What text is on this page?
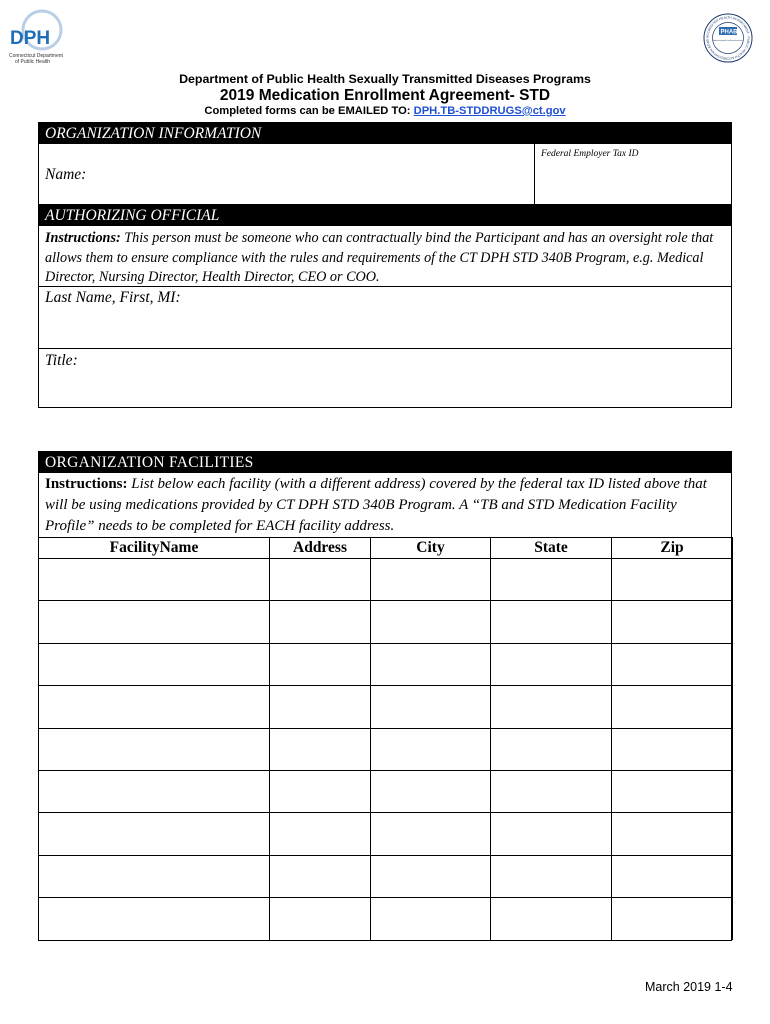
DPH
Connecticut Department
of Public Health
ACCREDITED HEALTH DEPARTMENT · PUBLIC HEALTH ACCREDITATION BOAR
PHAB
Advancing public health performance
Department of Public Health Sexually Transmitted Diseases Programs
2019 Medication Enrollment Agreement- STD
Completed forms can be EMAILED TO: DPH.TB-STDDRUGS@ct.gov
ORGANIZATION INFORMATION
Name:
Federal Employer Tax ID
AUTHORIZING OFFICIAL
Instructions: This person must be someone who can contractually bind the Participant and has an oversight role that
allows them to ensure compliance with the rules and requirements of the CT DPH STD 340B Program, e.g. Medical
Director, Nursing Director, Health Director, CEO or COO.
Last Name, First, MI:
Title:
ORGANIZATION FACILITIES
Instructions: List below each facility (with a different address) covered by the federal tax ID listed above that
will be using medications provided by CT DPH STD 340B Program. A “TB and STD Medication Facility
Profile” needs to be completed for EACH facility address.
FacilityName	Address	City	State	Zip

March 2019 1-4
